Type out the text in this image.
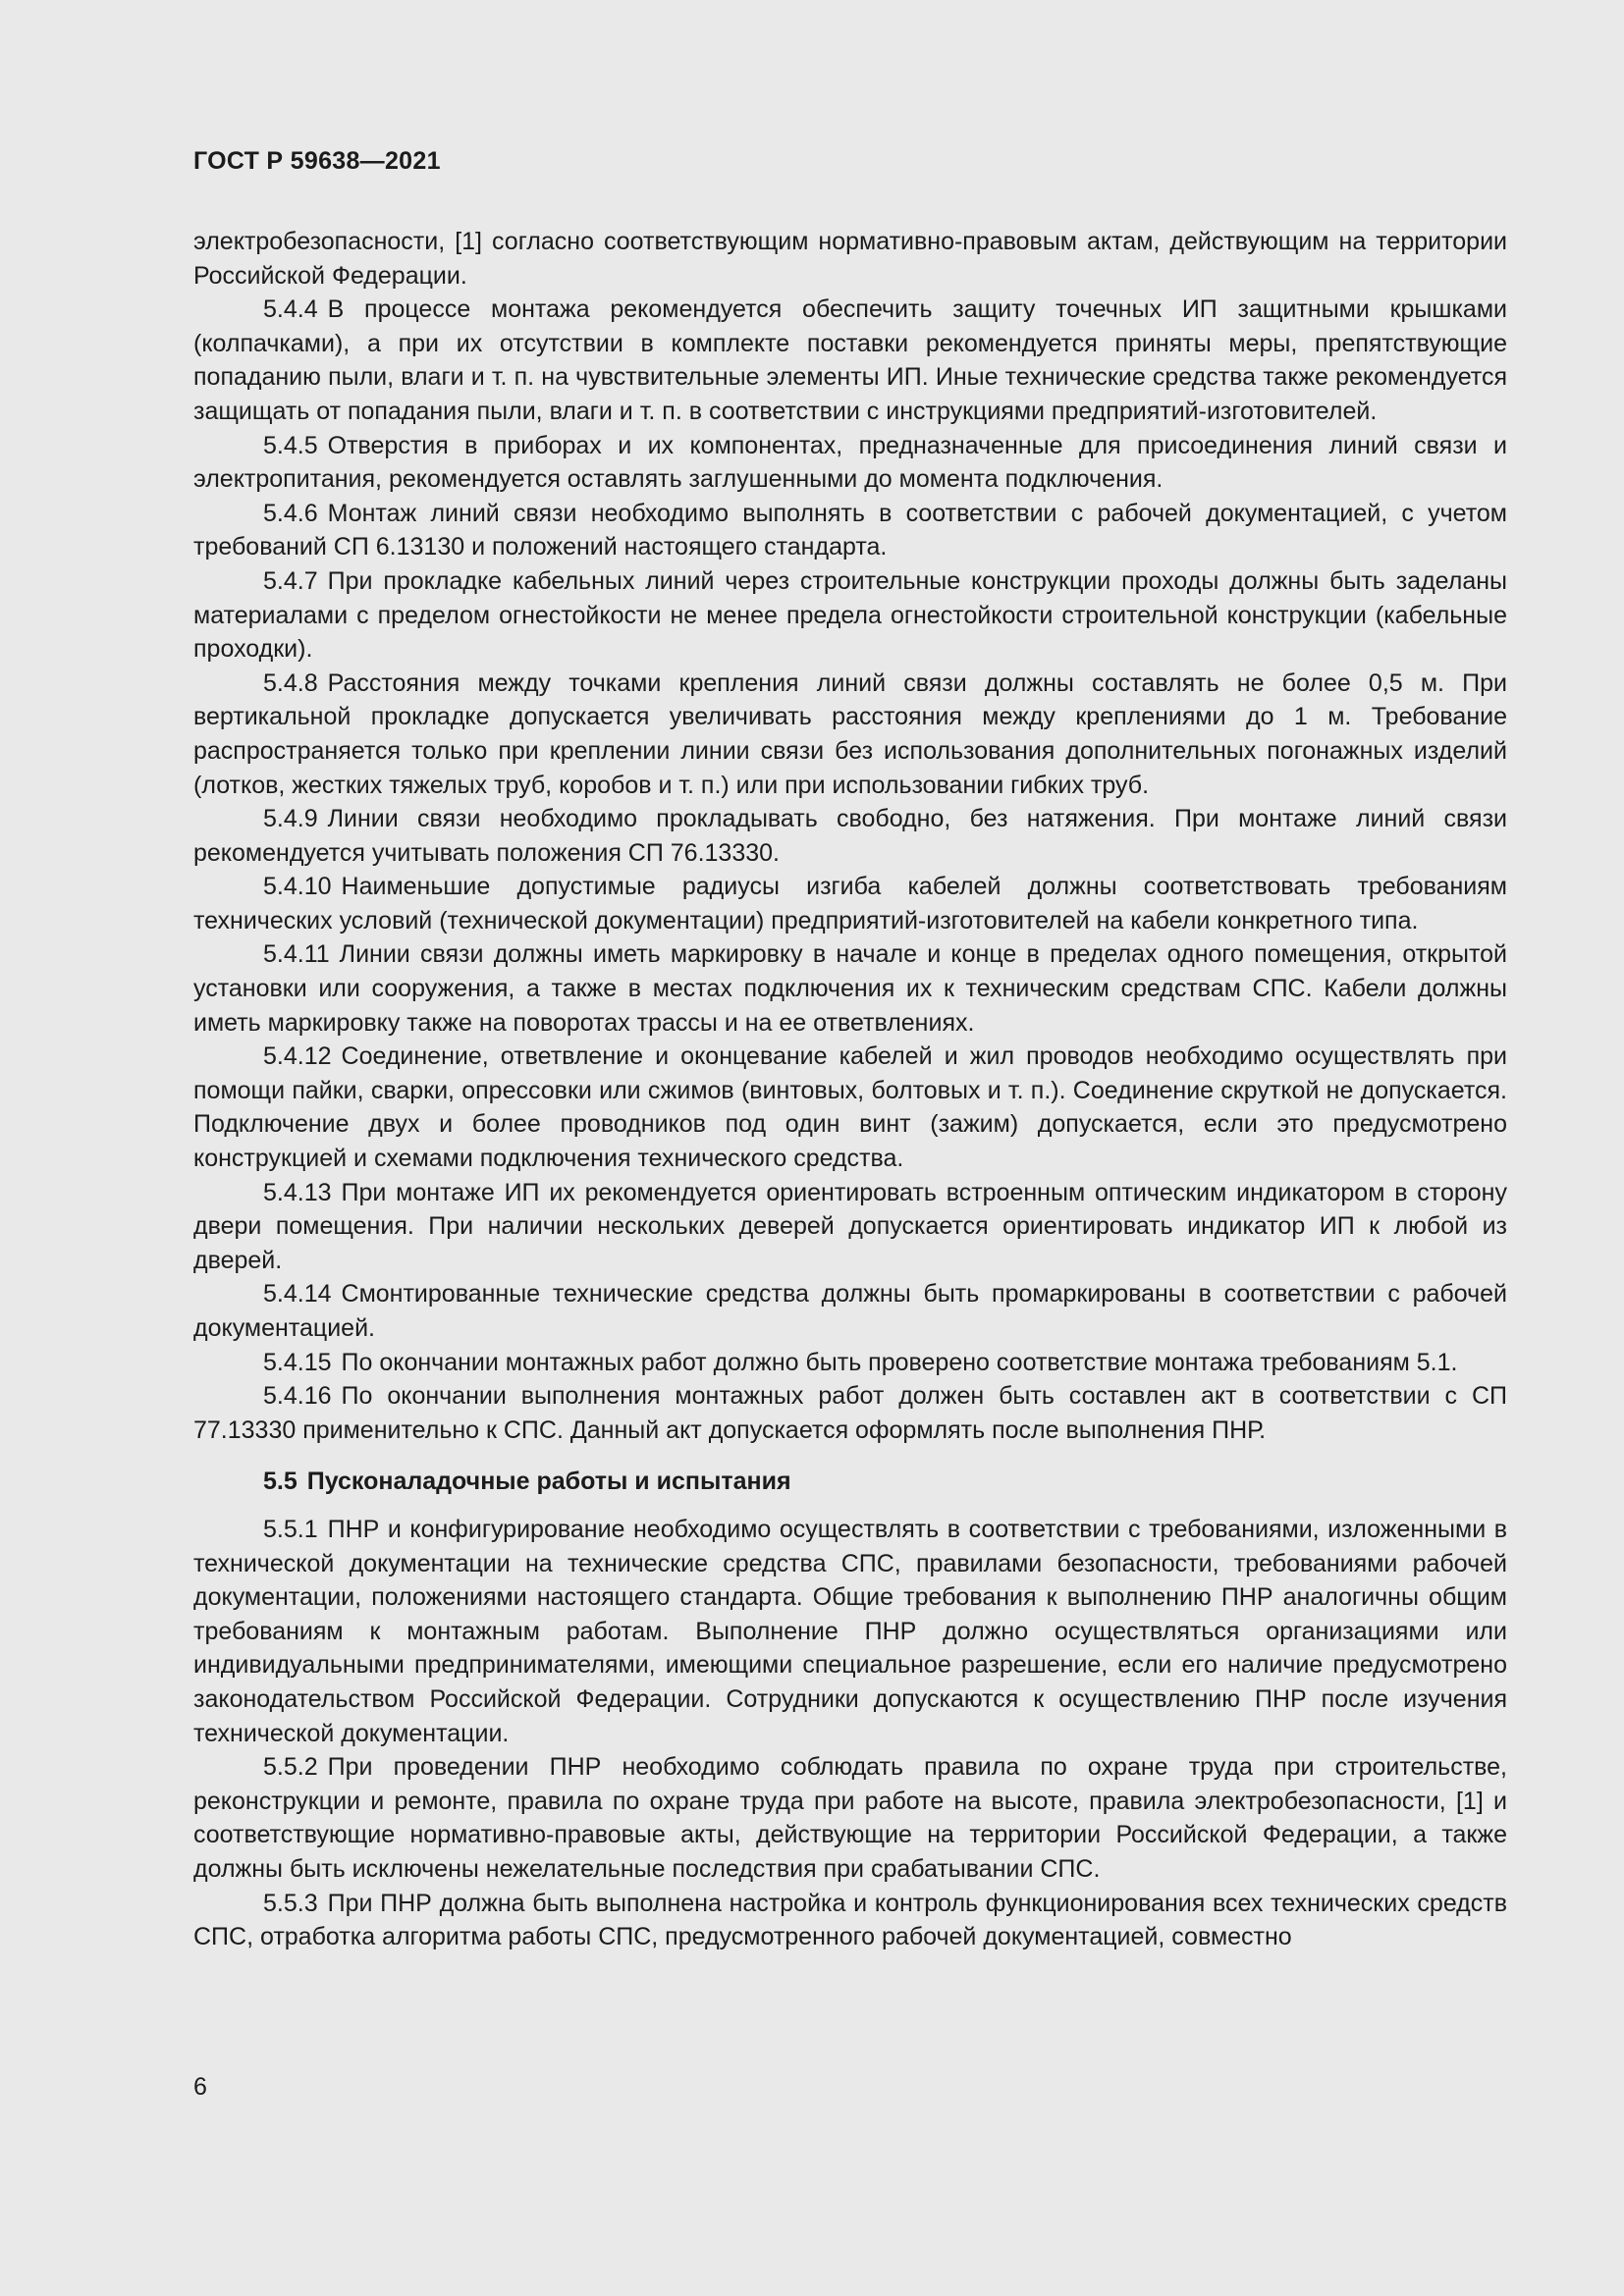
ГОСТ Р 59638—2021

электробезопасности, [1] согласно соответствующим нормативно-правовым актам, действующим на территории Российской Федерации.

5.4.4 В процессе монтажа рекомендуется обеспечить защиту точечных ИП защитными крышками (колпачками), а при их отсутствии в комплекте поставки рекомендуется приняты меры, препятствующие попаданию пыли, влаги и т. п. на чувствительные элементы ИП. Иные технические средства также рекомендуется защищать от попадания пыли, влаги и т. п. в соответствии с инструкциями предприятий-изготовителей.

5.4.5 Отверстия в приборах и их компонентах, предназначенные для присоединения линий связи и электропитания, рекомендуется оставлять заглушенными до момента подключения.

5.4.6 Монтаж линий связи необходимо выполнять в соответствии с рабочей документацией, с учетом требований СП 6.13130 и положений настоящего стандарта.

5.4.7 При прокладке кабельных линий через строительные конструкции проходы должны быть заделаны материалами с пределом огнестойкости не менее предела огнестойкости строительной конструкции (кабельные проходки).

5.4.8 Расстояния между точками крепления линий связи должны составлять не более 0,5 м. При вертикальной прокладке допускается увеличивать расстояния между креплениями до 1 м. Требование распространяется только при креплении линии связи без использования дополнительных погонажных изделий (лотков, жестких тяжелых труб, коробов и т. п.) или при использовании гибких труб.

5.4.9 Линии связи необходимо прокладывать свободно, без натяжения. При монтаже линий связи рекомендуется учитывать положения СП 76.13330.

5.4.10 Наименьшие допустимые радиусы изгиба кабелей должны соответствовать требованиям технических условий (технической документации) предприятий-изготовителей на кабели конкретного типа.

5.4.11 Линии связи должны иметь маркировку в начале и конце в пределах одного помещения, открытой установки или сооружения, а также в местах подключения их к техническим средствам СПС. Кабели должны иметь маркировку также на поворотах трассы и на ее ответвлениях.

5.4.12 Соединение, ответвление и оконцевание кабелей и жил проводов необходимо осуществлять при помощи пайки, сварки, опрессовки или сжимов (винтовых, болтовых и т. п.). Соединение скруткой не допускается. Подключение двух и более проводников под один винт (зажим) допускается, если это предусмотрено конструкцией и схемами подключения технического средства.

5.4.13 При монтаже ИП их рекомендуется ориентировать встроенным оптическим индикатором в сторону двери помещения. При наличии нескольких деверей допускается ориентировать индикатор ИП к любой из дверей.

5.4.14 Смонтированные технические средства должны быть промаркированы в соответствии с рабочей документацией.

5.4.15 По окончании монтажных работ должно быть проверено соответствие монтажа требованиям 5.1.

5.4.16 По окончании выполнения монтажных работ должен быть составлен акт в соответствии с СП 77.13330 применительно к СПС. Данный акт допускается оформлять после выполнения ПНР.

5.5 Пусконаладочные работы и испытания

5.5.1 ПНР и конфигурирование необходимо осуществлять в соответствии с требованиями, изложенными в технической документации на технические средства СПС, правилами безопасности, требованиями рабочей документации, положениями настоящего стандарта. Общие требования к выполнению ПНР аналогичны общим требованиям к монтажным работам. Выполнение ПНР должно осуществляться организациями или индивидуальными предпринимателями, имеющими специальное разрешение, если его наличие предусмотрено законодательством Российской Федерации. Сотрудники допускаются к осуществлению ПНР после изучения технической документации.

5.5.2 При проведении ПНР необходимо соблюдать правила по охране труда при строительстве, реконструкции и ремонте, правила по охране труда при работе на высоте, правила электробезопасности, [1] и соответствующие нормативно-правовые акты, действующие на территории Российской Федерации, а также должны быть исключены нежелательные последствия при срабатывании СПС.

5.5.3 При ПНР должна быть выполнена настройка и контроль функционирования всех технических средств СПС, отработка алгоритма работы СПС, предусмотренного рабочей документацией, совместно

6
